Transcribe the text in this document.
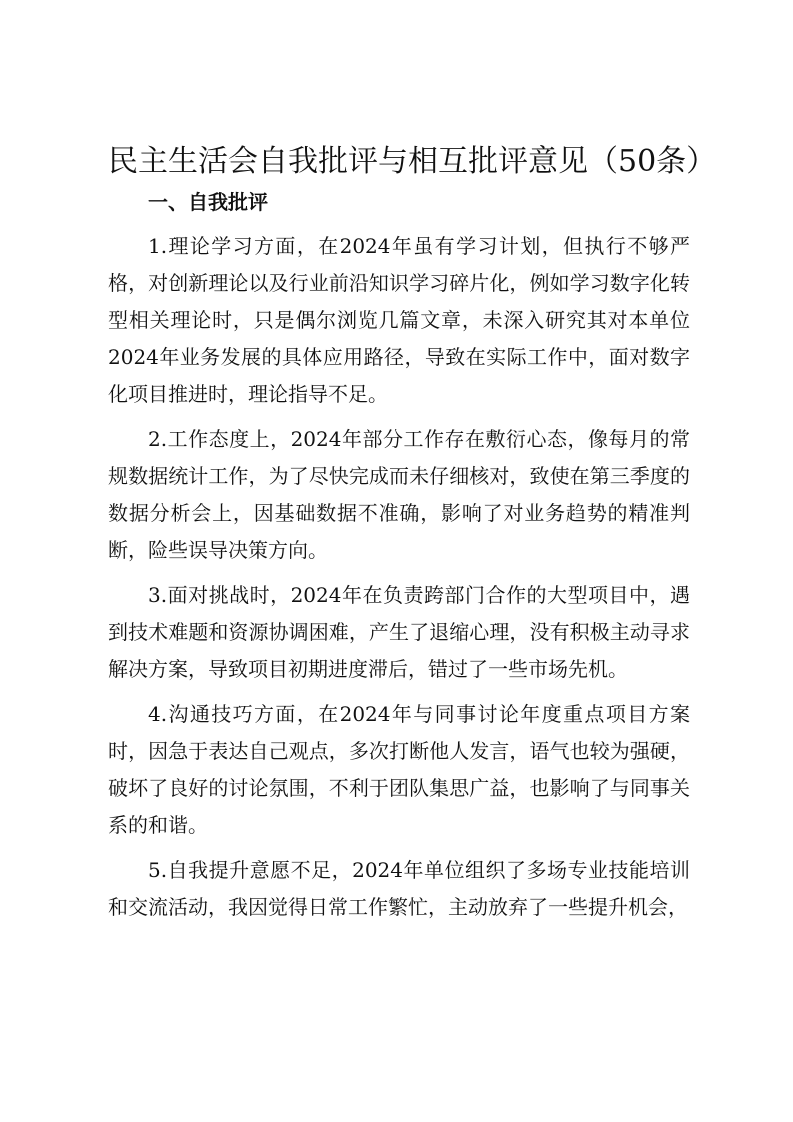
民主生活会自我批评与相互批评意见（50条）
一、自我批评

1.理论学习方面，在2024年虽有学习计划，但执行不够严格，对创新理论以及行业前沿知识学习碎片化，例如学习数字化转型相关理论时，只是偶尔浏览几篇文章，未深入研究其对本单位2024年业务发展的具体应用路径，导致在实际工作中，面对数字化项目推进时，理论指导不足。

2.工作态度上，2024年部分工作存在敷衍心态，像每月的常规数据统计工作，为了尽快完成而未仔细核对，致使在第三季度的数据分析会上，因基础数据不准确，影响了对业务趋势的精准判断，险些误导决策方向。

3.面对挑战时，2024年在负责跨部门合作的大型项目中，遇到技术难题和资源协调困难，产生了退缩心理，没有积极主动寻求解决方案，导致项目初期进度滞后，错过了一些市场先机。

4.沟通技巧方面，在2024年与同事讨论年度重点项目方案时，因急于表达自己观点，多次打断他人发言，语气也较为强硬，破坏了良好的讨论氛围，不利于团队集思广益，也影响了与同事关系的和谐。

5.自我提升意愿不足，2024年单位组织了多场专业技能培训和交流活动，我因觉得日常工作繁忙，主动放弃了一些提升机会，
